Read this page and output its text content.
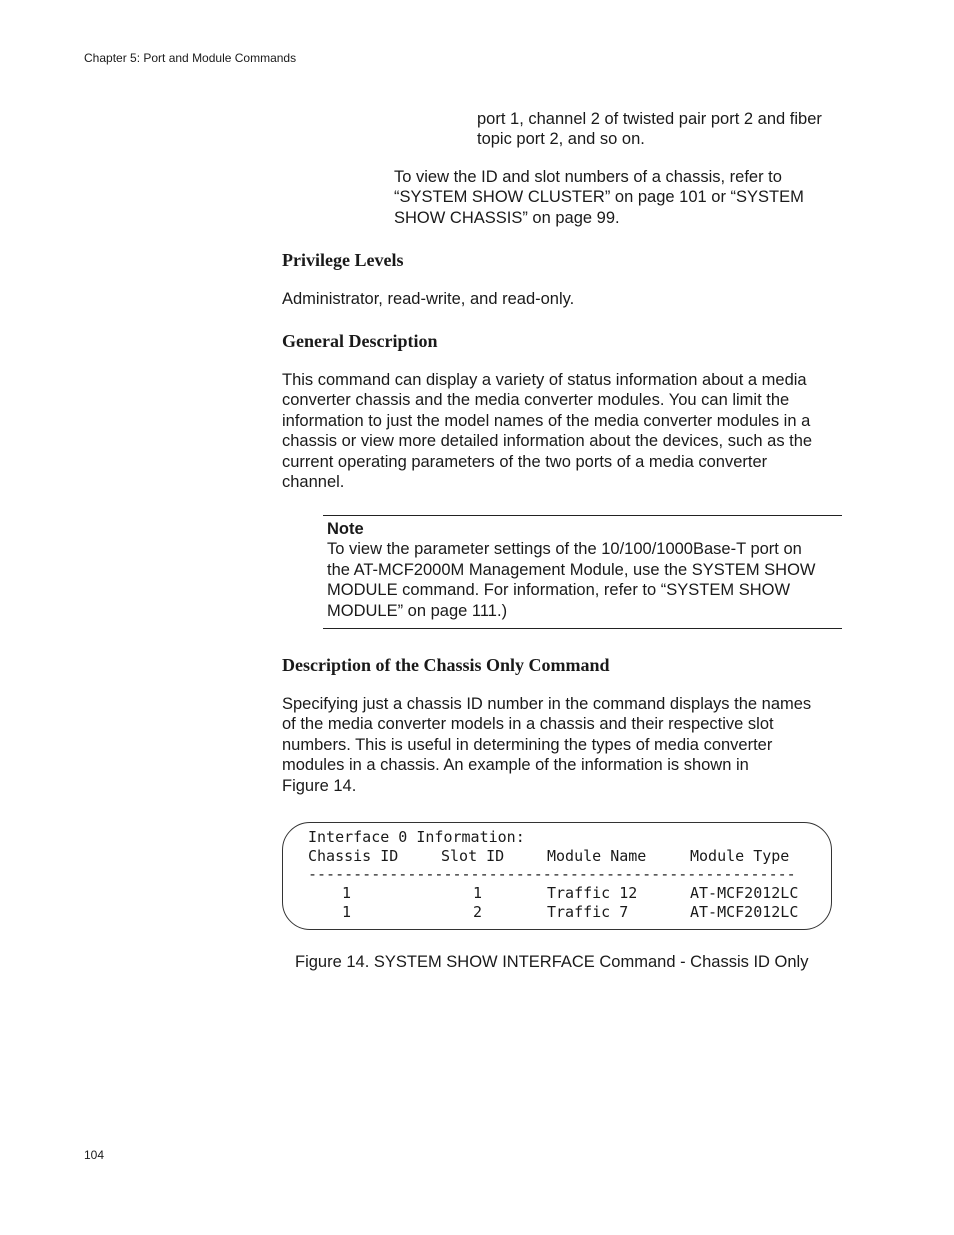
Chapter 5: Port and Module Commands
port 1, channel 2 of twisted pair port 2 and fiber
topic port 2, and so on.
To view the ID and slot numbers of a chassis, refer to
“SYSTEM SHOW CLUSTER” on page 101 or “SYSTEM
SHOW CHASSIS” on page 99.
Privilege Levels
Administrator, read-write, and read-only.
General Description
This command can display a variety of status information about a media
converter chassis and the media converter modules. You can limit the
information to just the model names of the media converter modules in a
chassis or view more detailed information about the devices, such as the
current operating parameters of the two ports of a media converter
channel.
Note
To view the parameter settings of the 10/100/1000Base-T port on
the AT-MCF2000M Management Module, use the SYSTEM SHOW
MODULE command. For information, refer to “SYSTEM SHOW
MODULE” on page 111.)
Description of the Chassis Only Command
Specifying just a chassis ID number in the command displays the names
of the media converter models in a chassis and their respective slot
numbers. This is useful in determining the types of media converter
modules in a chassis. An example of the information is shown in
Figure 14.
Interface 0 Information:
Chassis ID	Slot ID	Module Name	Module Type
------------------------------------------------------
1	1	Traffic 12	AT-MCF2012LC
1	2	Traffic 7	AT-MCF2012LC
Figure 14. SYSTEM SHOW INTERFACE Command - Chassis ID Only
104
